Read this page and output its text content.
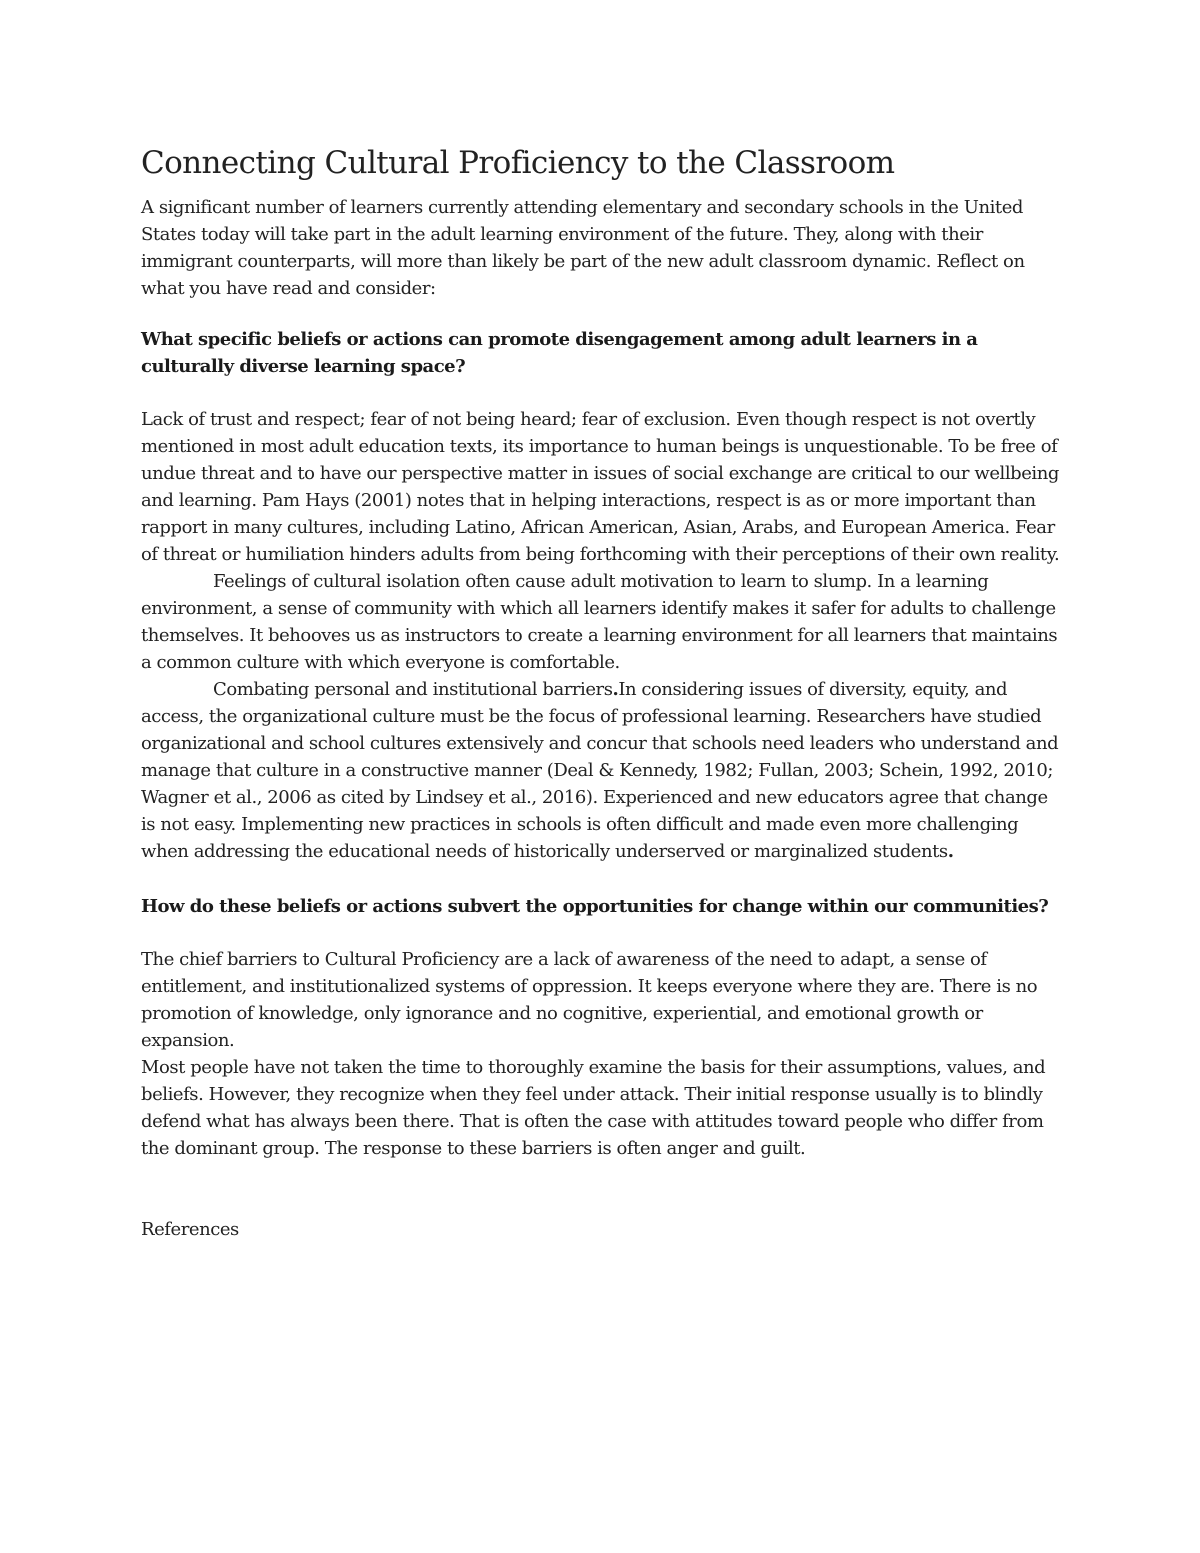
Connecting Cultural Proficiency to the Classroom

A significant number of learners currently attending elementary and secondary schools in the United States today will take part in the adult learning environment of the future. They, along with their immigrant counterparts, will more than likely be part of the new adult classroom dynamic. Reflect on what you have read and consider:

What specific beliefs or actions can promote disengagement among adult learners in a culturally diverse learning space?

Lack of trust and respect; fear of not being heard; fear of exclusion. Even though respect is not overtly mentioned in most adult education texts, its importance to human beings is unquestionable. To be free of undue threat and to have our perspective matter in issues of social exchange are critical to our wellbeing and learning. Pam Hays (2001) notes that in helping interactions, respect is as or more important than rapport in many cultures, including Latino, African American, Asian, Arabs, and European America. Fear of threat or humiliation hinders adults from being forthcoming with their perceptions of their own reality.

Feelings of cultural isolation often cause adult motivation to learn to slump. In a learning environment, a sense of community with which all learners identify makes it safer for adults to challenge themselves. It behooves us as instructors to create a learning environment for all learners that maintains a common culture with which everyone is comfortable.

Combating personal and institutional barriers.In considering issues of diversity, equity, and access, the organizational culture must be the focus of professional learning. Researchers have studied organizational and school cultures extensively and concur that schools need leaders who understand and manage that culture in a constructive manner (Deal & Kennedy, 1982; Fullan, 2003; Schein, 1992, 2010; Wagner et al., 2006 as cited by Lindsey et al., 2016). Experienced and new educators agree that change is not easy. Implementing new practices in schools is often difficult and made even more challenging when addressing the educational needs of historically underserved or marginalized students.

How do these beliefs or actions subvert the opportunities for change within our communities?

The chief barriers to Cultural Proficiency are a lack of awareness of the need to adapt, a sense of entitlement, and institutionalized systems of oppression. It keeps everyone where they are. There is no promotion of knowledge, only ignorance and no cognitive, experiential, and emotional growth or expansion.

Most people have not taken the time to thoroughly examine the basis for their assumptions, values, and beliefs. However, they recognize when they feel under attack. Their initial response usually is to blindly defend what has always been there. That is often the case with attitudes toward people who differ from the dominant group. The response to these barriers is often anger and guilt.

References
